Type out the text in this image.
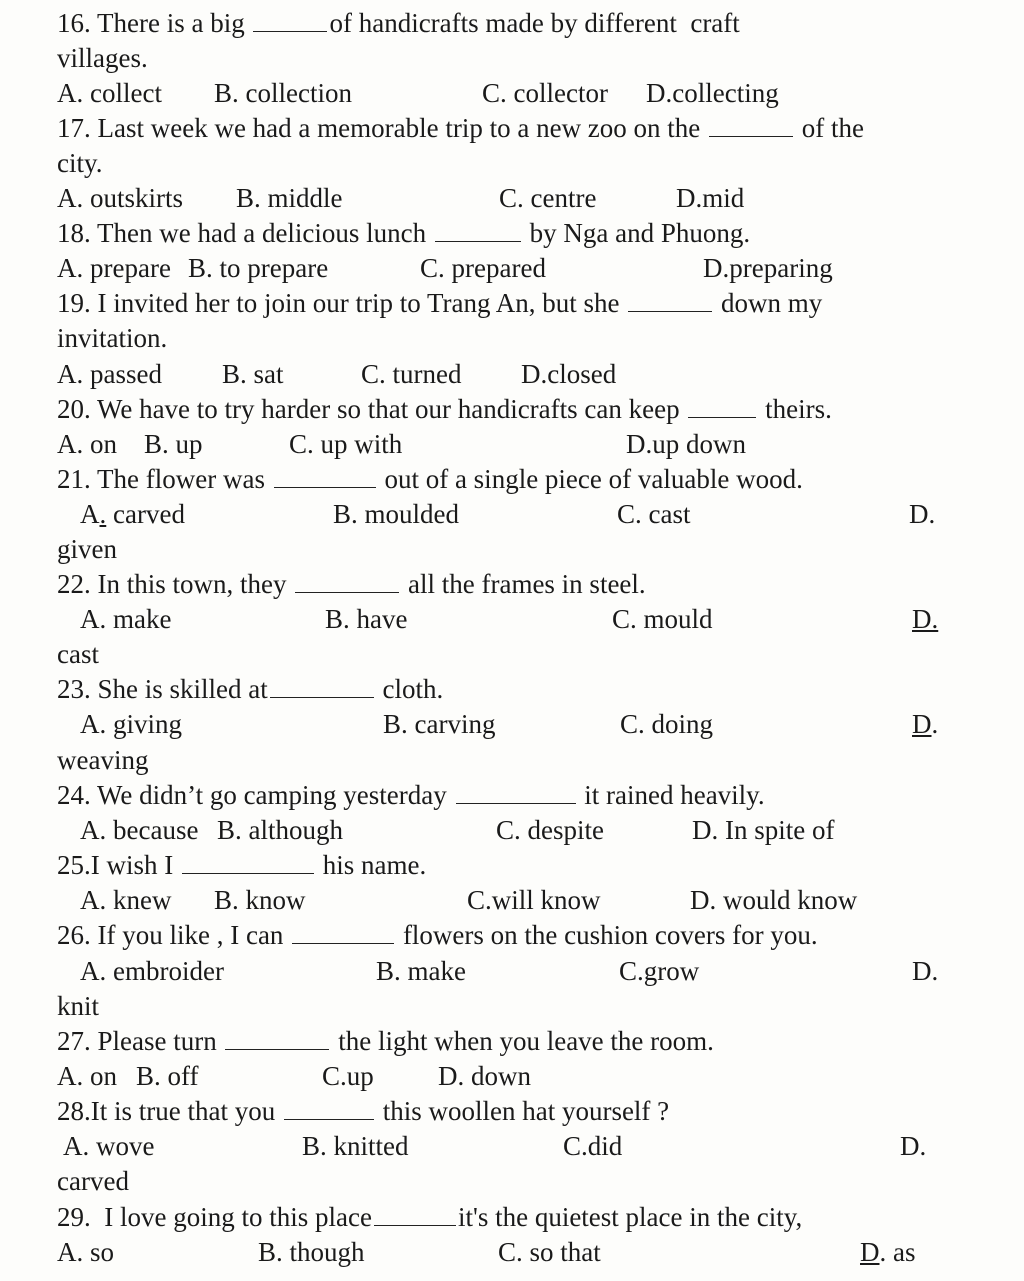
16. There is a big	of handicrafts made by different  craft
villages.
A. collect B. collection	C. collector D.collecting
17. Last week we had a memorable trip to a new zoo on the	of the
city.
A. outskirts B. middle	C. centre	D.mid
18. Then we had a delicious lunch	by Nga and Phuong.
A. prepare B. to prepare	C. prepared	D.preparing
19. I invited her to join our trip to Trang An, but she	down my
invitation.
A. passed B. sat	C. turned D.closed
20. We have to try harder so that our handicrafts can keep	theirs.
A. on B. up	C. up with	D.up down
21. The flower was	out of a single piece of valuable wood.
A. carved	B. moulded	C. cast	D.
given
22. In this town, they	all the frames in steel.
A. make	B. have	C. mould	D.
cast
23. She is skilled at	cloth.
A. giving	B. carving	C. doing	D.
weaving
24. We didn’t go camping yesterday	it rained heavily.
A. because B. although	C. despite	D. In spite of
25.I wish I	his name.
A. knew B. know	C.will know	D. would know
26. If you like , I can	flowers on the cushion covers for you.
A. embroider	B. make	C.grow	D.
knit
27. Please turn	the light when you leave the room.
A. on B. off	C.up D. down
28.It is true that you	this woollen hat yourself ?
A. wove	B. knitted	C.did	D.
carved
29.  I love going to this place	it's the quietest place in the city,
A. so	B. though	C. so that	D. as
